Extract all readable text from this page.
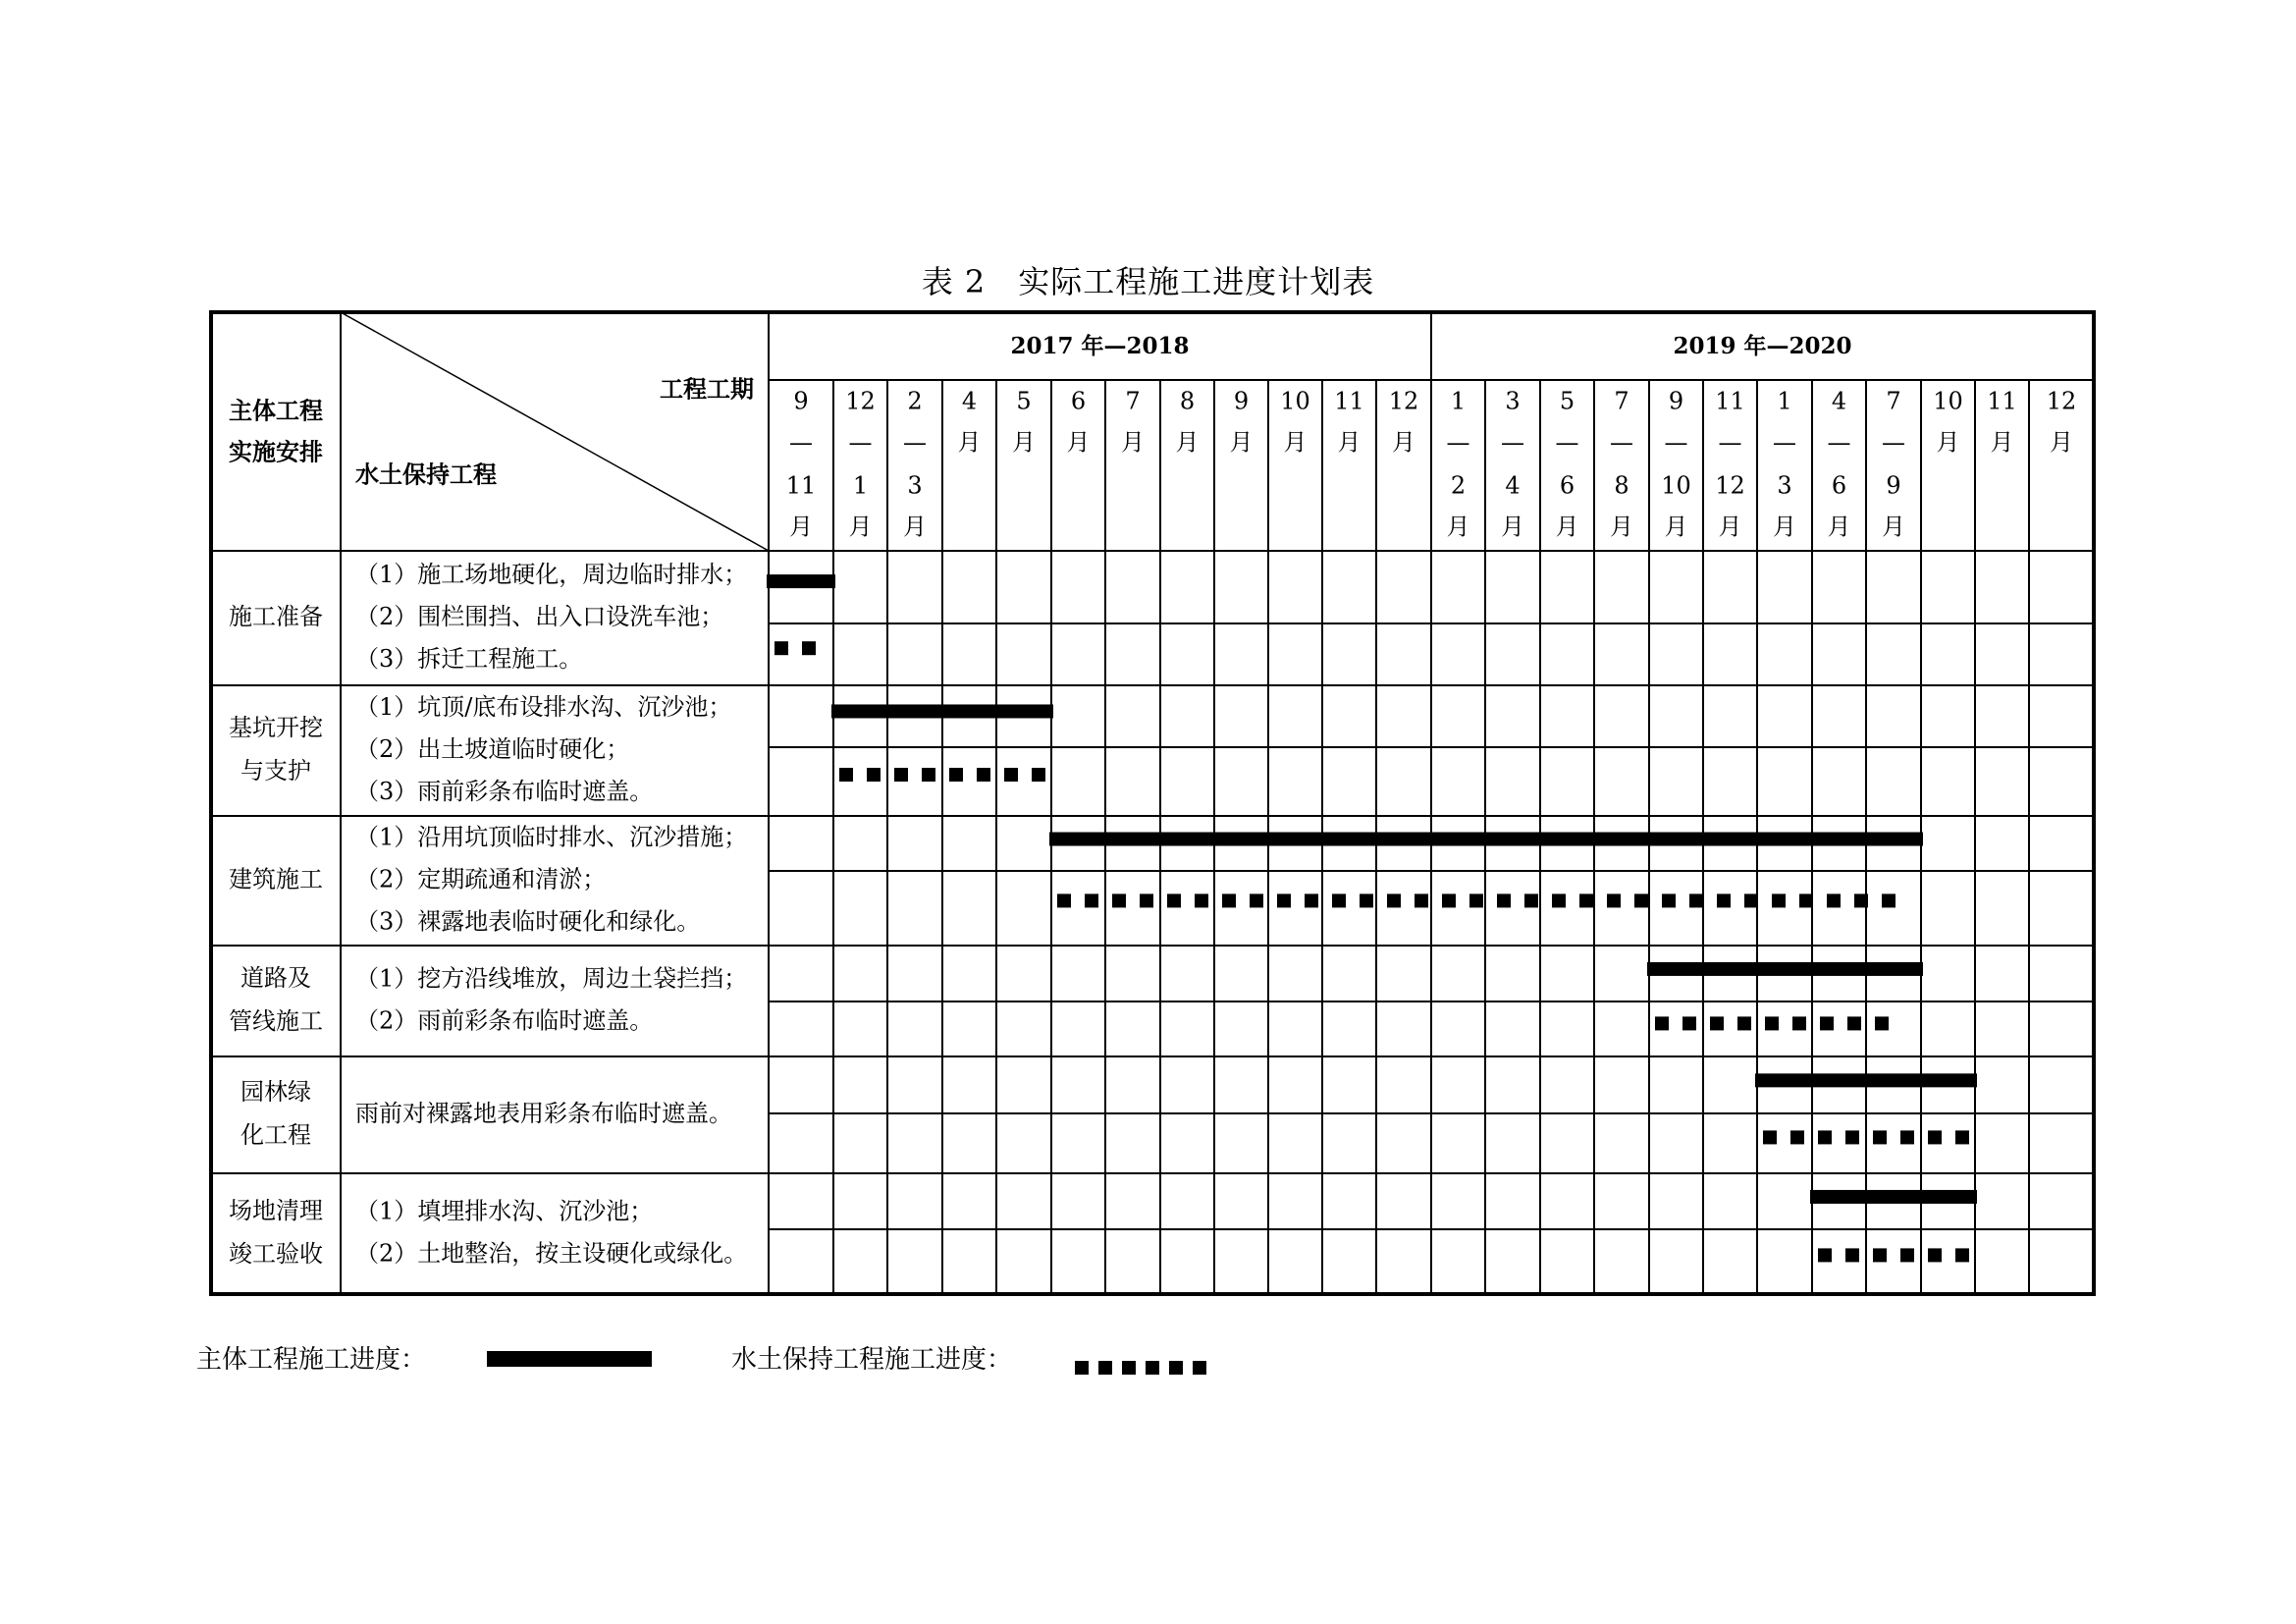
表 2　实际工程施工进度计划表
主体工程
实施安排
工程工期
水土保持工程
2017 年—2018	2019 年—2020
9
—
11
月
12
—
1
月
2
—
3
月
4
月
5
月
6
月
7
月
8
月
9
月
10
月
11
月
12
月
1
—
2
月
3
—
4
月
5
—
6
月
7
—
8
月
9
—
10
月
11
—
12
月
1
—
3
月
4
—
6
月
7
—
9
月
10
月
11
月
12
月
施工准备
（1）施工场地硬化，周边临时排水；
（2）围栏围挡、出入口设洗车池；
（3）拆迁工程施工。
基坑开挖
与支护
（1）坑顶/底布设排水沟、沉沙池；
（2）出土坡道临时硬化；
（3）雨前彩条布临时遮盖。
建筑施工
（1）沿用坑顶临时排水、沉沙措施；
（2）定期疏通和清淤；
（3）裸露地表临时硬化和绿化。
道路及
管线施工
（1）挖方沿线堆放，周边土袋拦挡；
（2）雨前彩条布临时遮盖。
园林绿
化工程
雨前对裸露地表用彩条布临时遮盖。
场地清理
竣工验收
（1）填埋排水沟、沉沙池；
（2）土地整治，按主设硬化或绿化。
主体工程施工进度：	水土保持工程施工进度：
